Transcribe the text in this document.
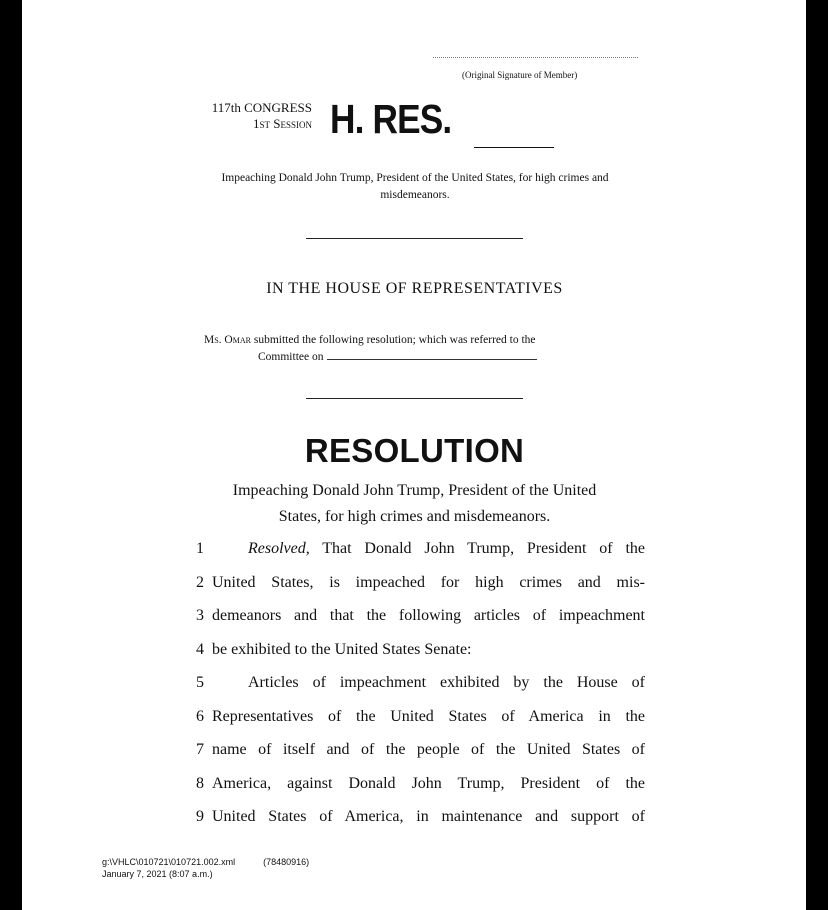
(Original Signature of Member)
117th CONGRESS
1st Session H. RES.
Impeaching Donald John Trump, President of the United States, for high crimes and misdemeanors.
IN THE HOUSE OF REPRESENTATIVES
Ms. Omar submitted the following resolution; which was referred to the
Committee on
RESOLUTION
Impeaching Donald John Trump, President of the United
States, for high crimes and misdemeanors.
1	Resolved, That Donald John Trump, President of the
2 United States, is impeached for high crimes and mis-
3 demeanors and that the following articles of impeachment
4 be exhibited to the United States Senate:
5	Articles of impeachment exhibited by the House of
6 Representatives of the United States of America in the
7 name of itself and of the people of the United States of
8 America, against Donald John Trump, President of the
9 United States of America, in maintenance and support of
g:\VHLC\010721\010721.002.xml	(78480916)
January 7, 2021 (8:07 a.m.)
